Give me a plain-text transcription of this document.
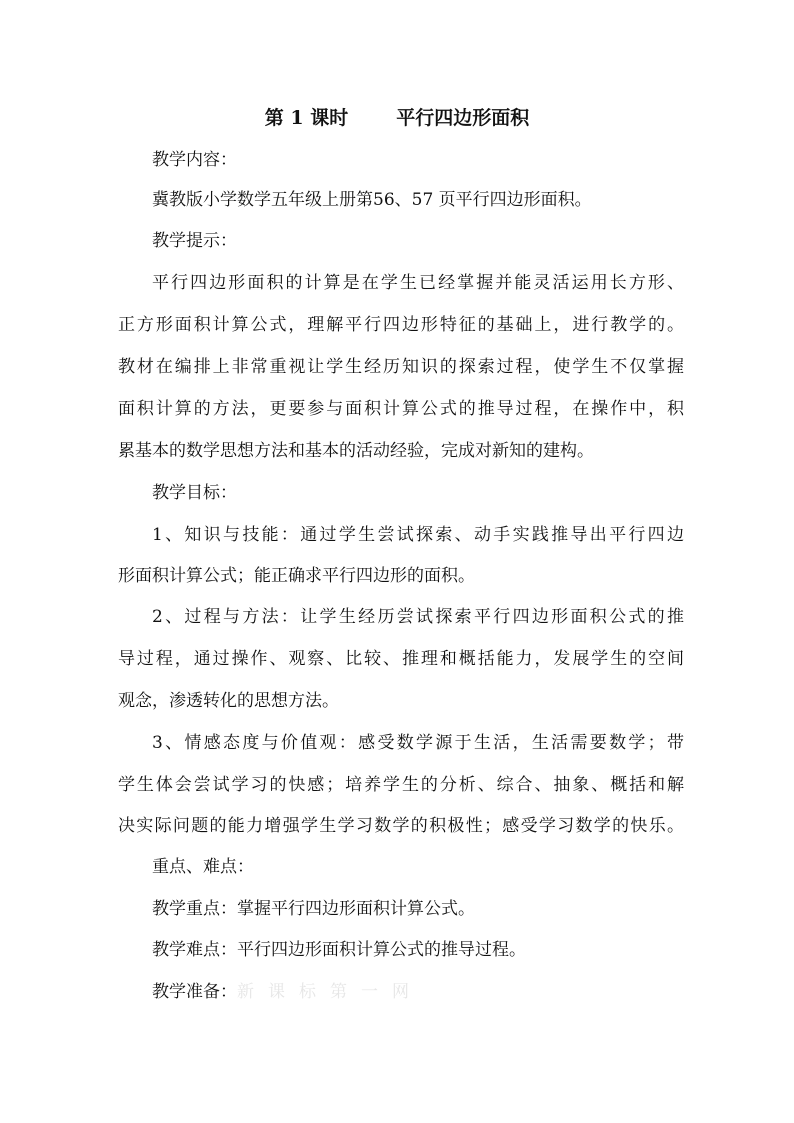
第 1 课时	平行四边形面积
教学内容：
冀教版小学数学五年级上册第56、57 页平行四边形面积。
教学提示：
平行四边形面积的计算是在学生已经掌握并能灵活运用长方形、
正方形面积计算公式，理解平行四边形特征的基础上，进行教学的。
教材在编排上非常重视让学生经历知识的探索过程，使学生不仅掌握
面积计算的方法，更要参与面积计算公式的推导过程，在操作中，积
累基本的数学思想方法和基本的活动经验，完成对新知的建构。
教学目标：
1、知识与技能：通过学生尝试探索、动手实践推导出平行四边
形面积计算公式；能正确求平行四边形的面积。
2、过程与方法：让学生经历尝试探索平行四边形面积公式的推
导过程，通过操作、观察、比较、推理和概括能力，发展学生的空间
观念，渗透转化的思想方法。
3、情感态度与价值观：感受数学源于生活，生活需要数学；带
学生体会尝试学习的快感；培养学生的分析、综合、抽象、概括和解
决实际问题的能力增强学生学习数学的积极性；感受学习数学的快乐。
重点、难点：
教学重点：掌握平行四边形面积计算公式。
教学难点：平行四边形面积计算公式的推导过程。
教学准备：新课标第一网
